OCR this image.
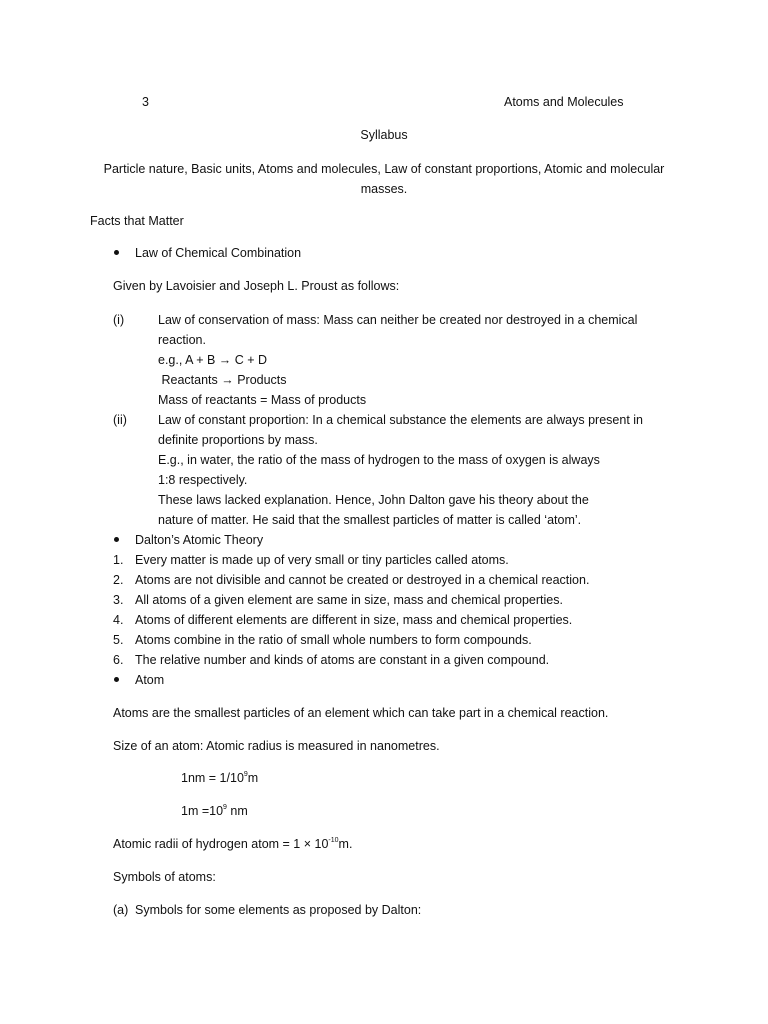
3	Atoms and Molecules
Syllabus
Particle nature, Basic units, Atoms and molecules, Law of constant proportions, Atomic and molecular
masses.
Facts that Matter
Law of Chemical Combination
Given by Lavoisier and Joseph L. Proust as follows:
(i)	Law of conservation of mass: Mass can neither be created nor destroyed in a chemical
reaction.
e.g., A + B → C + D
Reactants → Products
Mass of reactants = Mass of products
(ii) Law of constant proportion: In a chemical substance the elements are always present in
definite proportions by mass.
E.g., in water, the ratio of the mass of hydrogen to the mass of oxygen is always
1:8 respectively.
These laws lacked explanation. Hence, John Dalton gave his theory about the
nature of matter. He said that the smallest particles of matter is called ‘atom’.
Dalton’s Atomic Theory
1. Every matter is made up of very small or tiny particles called atoms.
2. Atoms are not divisible and cannot be created or destroyed in a chemical reaction.
3. All atoms of a given element are same in size, mass and chemical properties.
4. Atoms of different elements are different in size, mass and chemical properties.
5. Atoms combine in the ratio of small whole numbers to form compounds.
6. The relative number and kinds of atoms are constant in a given compound.
Atom
Atoms are the smallest particles of an element which can take part in a chemical reaction.
Size of an atom: Atomic radius is measured in nanometres.
$1nm = 1/10^9m$
$1m =10^9$ nm
Atomic radii of hydrogen atom = $1 \times 10^{-10}m$.
Symbols of atoms:
(a) Symbols for some elements as proposed by Dalton:
